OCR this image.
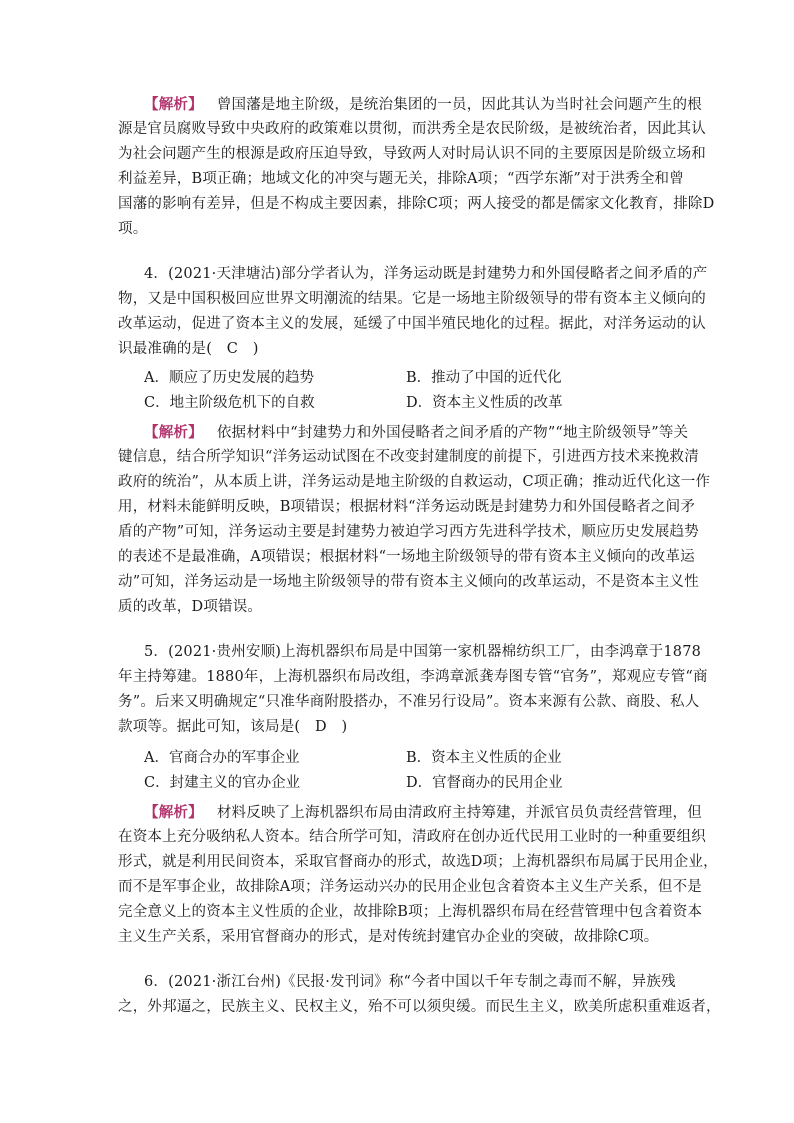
【解析】 曾国藩是地主阶级，是统治集团的一员，因此其认为当时社会问题产生的根
源是官员腐败导致中央政府的政策难以贯彻，而洪秀全是农民阶级，是被统治者，因此其认
为社会问题产生的根源是政府压迫导致，导致两人对时局认识不同的主要原因是阶级立场和
利益差异，B项正确；地域文化的冲突与题无关，排除A项；“西学东渐”对于洪秀全和曾
国藩的影响有差异，但是不构成主要因素，排除C项；两人接受的都是儒家文化教育，排除D
项。
4．(2021·天津塘沽)部分学者认为，洋务运动既是封建势力和外国侵略者之间矛盾的产
物，又是中国积极回应世界文明潮流的结果。它是一场地主阶级领导的带有资本主义倾向的
改革运动，促进了资本主义的发展，延缓了中国半殖民地化的过程。据此，对洋务运动的认
识最准确的是(　C　)
A．顺应了历史发展的趋势	B．推动了中国的近代化
C．地主阶级危机下的自救	D．资本主义性质的改革
【解析】 依据材料中“封建势力和外国侵略者之间矛盾的产物”“地主阶级领导”等关
键信息，结合所学知识“洋务运动试图在不改变封建制度的前提下，引进西方技术来挽救清
政府的统治”，从本质上讲，洋务运动是地主阶级的自救运动，C项正确；推动近代化这一作
用，材料未能鲜明反映，B项错误；根据材料“洋务运动既是封建势力和外国侵略者之间矛
盾的产物”可知，洋务运动主要是封建势力被迫学习西方先进科学技术，顺应历史发展趋势
的表述不是最准确，A项错误；根据材料“一场地主阶级领导的带有资本主义倾向的改革运
动”可知，洋务运动是一场地主阶级领导的带有资本主义倾向的改革运动，不是资本主义性
质的改革，D项错误。
5．(2021·贵州安顺)上海机器织布局是中国第一家机器棉纺织工厂，由李鸿章于1878
年主持筹建。1880年，上海机器织布局改组，李鸿章派龚寿图专管“官务”，郑观应专管“商
务”。后来又明确规定“只准华商附股搭办，不准另行设局”。资本来源有公款、商股、私人
款项等。据此可知，该局是(　D　)
A．官商合办的军事企业	B．资本主义性质的企业
C．封建主义的官办企业	D．官督商办的民用企业
【解析】 材料反映了上海机器织布局由清政府主持筹建，并派官员负责经营管理，但
在资本上充分吸纳私人资本。结合所学可知，清政府在创办近代民用工业时的一种重要组织
形式，就是利用民间资本，采取官督商办的形式，故选D项；上海机器织布局属于民用企业，
而不是军事企业，故排除A项；洋务运动兴办的民用企业包含着资本主义生产关系，但不是
完全意义上的资本主义性质的企业，故排除B项；上海机器织布局在经营管理中包含着资本
主义生产关系，采用官督商办的形式，是对传统封建官办企业的突破，故排除C项。
6．(2021·浙江台州)《民报·发刊词》称“今者中国以千年专制之毒而不解，异族残
之，外邦逼之，民族主义、民权主义，殆不可以须臾缓。而民生主义，欧美所虑积重难返者，
